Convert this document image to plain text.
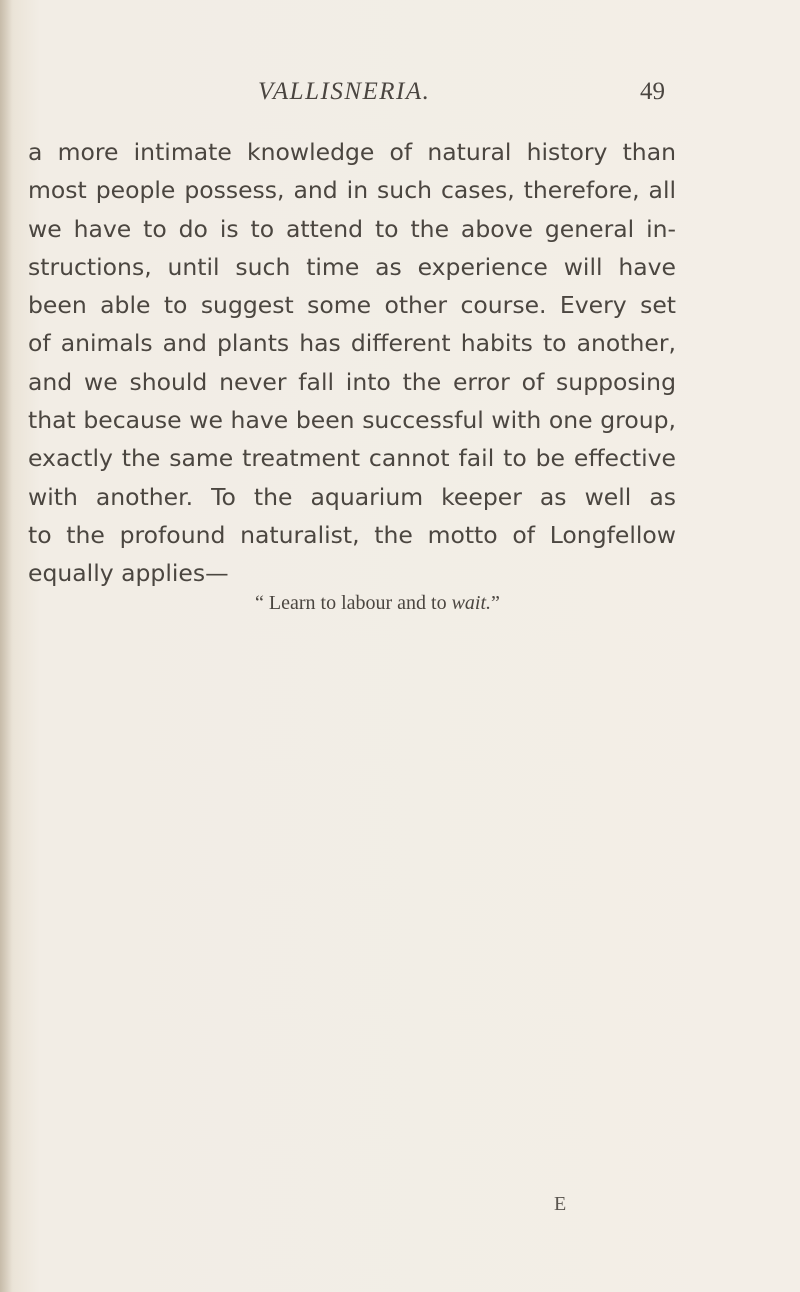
VALLISNERIA.	49
a more intimate knowledge of natural history than
most people possess, and in such cases, therefore, all
we have to do is to attend to the above general in-
structions, until such time as experience will have
been able to suggest some other course. Every set
of animals and plants has different habits to another,
and we should never fall into the error of supposing
that because we have been successful with one group,
exactly the same treatment cannot fail to be effective
with another. To the aquarium keeper as well as
to the profound naturalist, the motto of Longfellow
equally applies—
“ Learn to labour and to wait.”
E
